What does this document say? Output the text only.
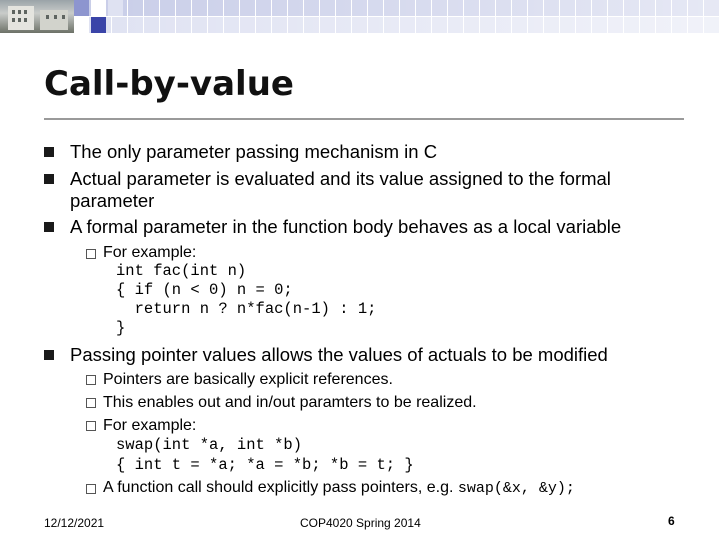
Call-by-value
The only parameter passing mechanism in C
Actual parameter is evaluated and its value assigned to the formal
parameter
A formal parameter in the function body behaves as a local variable
For example:
int fac(int n)
{ if (n < 0) n = 0;
return n ? n*fac(n-1) : 1;
}
Passing pointer values allows the values of actuals to be modified
Pointers are basically explicit references.
This enables out and in/out paramters to be realized.
For example:
swap(int *a, int *b)
{ int t = *a; *a = *b; *b = t; }
A function call should explicitly pass pointers, e.g. swap(&x, &y);
12/12/2021	COP4020 Spring 2014	6
